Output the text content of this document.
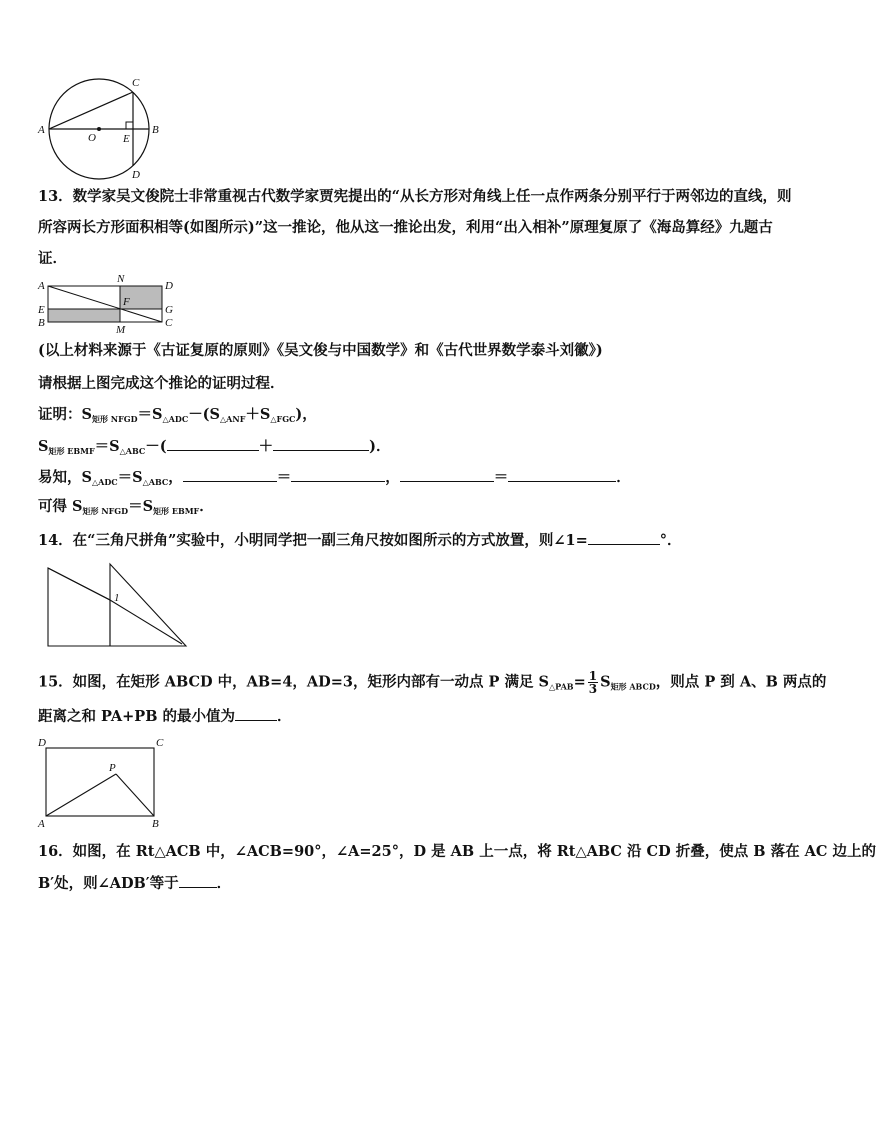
A	B
C
D
O E
13．数学家吴文俊院士非常重视古代数学家贾宪提出的“从长方形对角线上任一点作两条分别平行于两邻边的直线，则
所容两长方形面积相等(如图所示)”这一推论，他从这一推论出发，利用“出入相补”原理复原了《海岛算经》九题古
证．
A
N
D
E
F
G
B
M
C
(以上材料来源于《古证复原的原则》《吴文俊与中国数学》和《古代世界数学泰斗刘徽》)
请根据上图完成这个推论的证明过程．
证明：$S_{矩形 NFGD}=S_{\triangle ADC}-(S_{\triangle ANF}+S_{\triangle FGC})$，
$S_{矩形 EBMF}=S_{\triangle ABC}-$(	＋	)．
易知，$S_{\triangle ADC}=S_{\triangle ABC}$，	＝	，	＝	．
可得 $S_{矩形 NFGD}=S_{矩形 EBMF}$．
14．在“三角尺拼角”实验中，小明同学把一副三角尺按如图所示的方式放置，则∠1=	°．
1
15．如图，在矩形 ABCD 中，AB=4，AD=3，矩形内部有一动点 P 满足 $S_{\triangle PAB}= \frac{1}{3} S_{矩形 ABCD}$，则点 P 到 A、B 两点的
距离之和 PA+PB 的最小值为	．
D	C
P
A	B
16．如图，在 Rt△ACB 中，∠ACB=90°，∠A=25°，D 是 AB 上一点，将 Rt△ABC 沿 CD 折叠，使点 B 落在 AC 边上的
B′处，则∠ADB′等于	．
